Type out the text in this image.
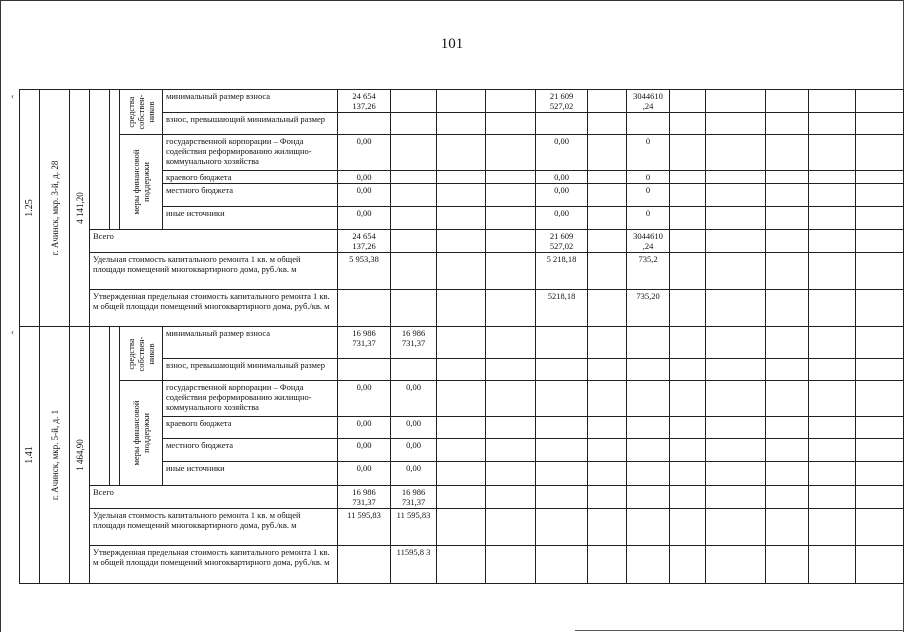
101
‹
‹
1.25	г. Ачинск, мкр. 3-й, д. 28	4 141,20			средства собствен-ников	минимальный размер взноса	24 654 137,26				21 609 527,02		3044610 ,24						
						взнос, превышающий минимальный размер													

					меры финансовой поддержки	государственной корпорации – Фонда содействия реформированию жилищно-коммунального хозяйства	0,00				0,00		0						
						краевого бюджета	0,00				0,00		0						
						местного бюджета	0,00				0,00		0						
						иные источники	0,00				0,00		0						
			Всего				24 654 137,26				21 609 527,02		3044610 ,24						
			Удельная стоимость капитального ремонта 1 кв. м общей площади помещений многоквартирного дома, руб./кв. м				5 953,38				5 218,18		735,2						
			Утвержденная предельная стоимость капитального ремонта 1 кв. м общей площади помещений многоквартирного дома, руб./кв. м								5218,18		735,20						

1.41	г. Ачинск, мкр. 5-й, д. 1	1 464,90			средства собствен-ников	минимальный размер взноса	16 986 731,37	16 986 731,37											
						взнос, превышающий минимальный размер													

					меры финансовой поддержки	государственной корпорации – Фонда содействия реформированию жилищно-коммунального хозяйства	0,00	0,00											
						краевого бюджета	0,00	0,00											
						местного бюджета	0,00	0,00											
						иные источники	0,00	0,00											
			Всего				16 986 731,37	16 986 731,37											
			Удельная стоимость капитального ремонта 1 кв. м общей площади помещений многоквартирного дома, руб./кв. м				11 595,83	11 595,83											
			Утвержденная предельная стоимость капитального ремонта 1 кв. м общей площади помещений многоквартирного дома, руб./кв. м					11595,8 3											
